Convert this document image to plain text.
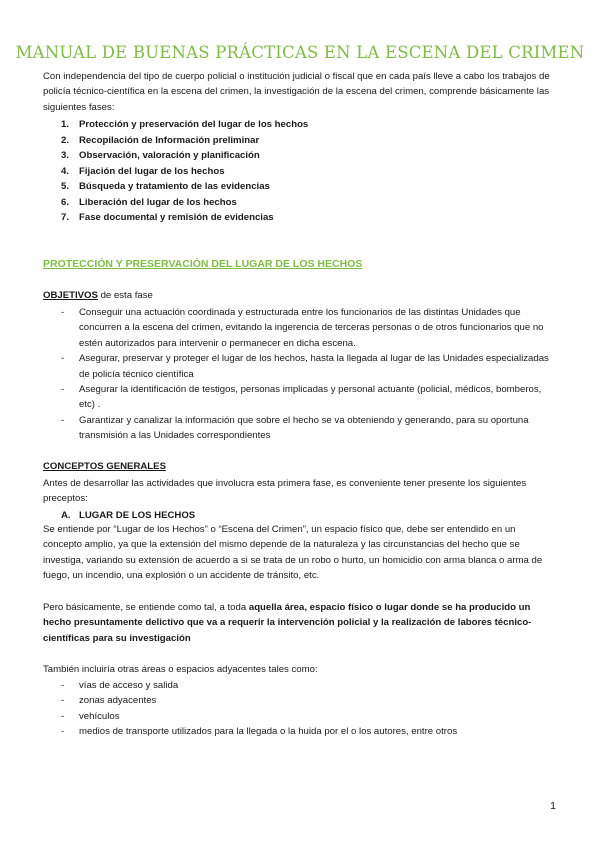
MANUAL DE BUENAS PRÁCTICAS EN LA ESCENA DEL CRIMEN

Con independencia del tipo de cuerpo policial o institución judicial o fiscal que en cada país lleve a cabo los trabajos de policía técnico-científica en la escena del crimen, la investigación de la escena del crimen, comprende básicamente las siguientes fases:

1. Protección y preservación del lugar de los hechos
2. Recopilación de Información preliminar
3. Observación, valoración y planificación
4. Fijación del lugar de los hechos
5. Búsqueda y tratamiento de las evidencias
6. Liberación del lugar de los hechos
7. Fase documental y remisión de evidencias
PROTECCIÓN Y PRESERVACIÓN DEL LUGAR DE LOS HECHOS
OBJETIVOS de esta fase
- Conseguir una actuación coordinada y estructurada entre los funcionarios de las distintas Unidades que concurren a la escena del crimen, evitando la ingerencia de terceras personas o de otros funcionarios que no estén autorizados para intervenir o permanecer en dicha escena.
- Asegurar, preservar y proteger el lugar de los hechos, hasta la llegada al lugar de las Unidades especializadas de policía técnico científica
- Asegurar la identificación de testigos, personas implicadas y personal actuante (policial, médicos, bomberos, etc) .
- Garantizar y canalizar la información que sobre el hecho se va obteniendo y generando, para su oportuna transmisión a las Unidades correspondientes
CONCEPTOS GENERALES

Antes de desarrollar las actividades que involucra esta primera fase, es conveniente tener presente los siguientes preceptos:

A. LUGAR DE LOS HECHOS

Se entiende por “Lugar de los Hechos” o “Escena del Crimen”, un espacio físico que, debe ser entendido en un concepto amplio, ya que la extensión del mismo depende de la naturaleza y las circunstancias del hecho que se investiga, variando su extensión de acuerdo a si se trata de un robo o hurto, un homicidio con arma blanca o arma de fuego, un incendio, una explosión o un accidente de tránsito, etc.

Pero básicamente, se entiende como tal, a toda aquella área, espacio físico o lugar donde se ha producido un hecho presuntamente delictivo que va a requerir la intervención policial y la realización de labores técnico-científicas para su investigación

También incluiría otras áreas o espacios adyacentes tales como:

- vías de acceso y salida
- zonas adyacentes
- vehículos
- medios de transporte utilizados para la llegada o la huida por el o los autores, entre otros
1
